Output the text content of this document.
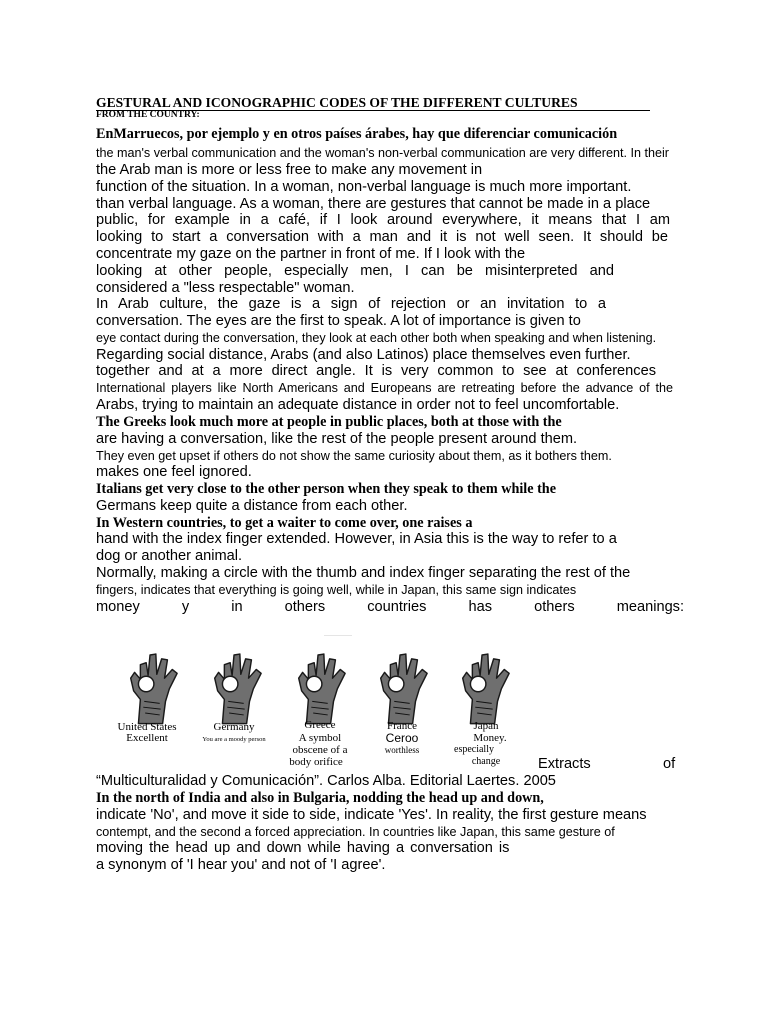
GESTURAL AND ICONOGRAPHIC CODES OF THE DIFFERENT CULTURES
FROM THE COUNTRY:
EnMarruecos, por ejemplo y en otros países árabes, hay que diferenciar comunicación
the man's verbal communication and the woman's non-verbal communication are very different. In their
the Arab man is more or less free to make any movement in
function of the situation. In a woman, non-verbal language is much more important.
than verbal language. As a woman, there are gestures that cannot be made in a place
public, for example in a café, if I look around everywhere, it means that I am
looking to start a conversation with a man and it is not well seen. It should be
concentrate my gaze on the partner in front of me. If I look with the
looking at other people, especially men, I can be misinterpreted and
considered a "less respectable" woman.
In Arab culture, the gaze is a sign of rejection or an invitation to a
conversation. The eyes are the first to speak. A lot of importance is given to
eye contact during the conversation, they look at each other both when speaking and when listening.
Regarding social distance, Arabs (and also Latinos) place themselves even further.
together and at a more direct angle. It is very common to see at conferences
International players like North Americans and Europeans are retreating before the advance of the
Arabs, trying to maintain an adequate distance in order not to feel uncomfortable.
The Greeks look much more at people in public places, both at those with the
are having a conversation, like the rest of the people present around them.
They even get upset if others do not show the same curiosity about them, as it bothers them.
makes one feel ignored.
Italians get very close to the other person when they speak to them while the
Germans keep quite a distance from each other.
In Western countries, to get a waiter to come over, one raises a
hand with the index finger extended. However, in Asia this is the way to refer to a
dog or another animal.
Normally, making a circle with the thumb and index finger separating the rest of the
fingers, indicates that everything is going well, while in Japan, this same sign indicates
money y in others countries has others meanings:
United States
Excellent
Germany
You are a moody person
Greece
A symbol
obscene of a
body orifice
France
Ceroo
worthless
Japan
Money.
especially
change	Extracts	of
“Multiculturalidad y Comunicación”. Carlos Alba. Editorial Laertes. 2005
In the north of India and also in Bulgaria, nodding the head up and down,
indicate 'No', and move it side to side, indicate 'Yes'. In reality, the first gesture means
contempt, and the second a forced appreciation. In countries like Japan, this same gesture of
moving the head up and down while having a conversation is
a synonym of 'I hear you' and not of 'I agree'.
